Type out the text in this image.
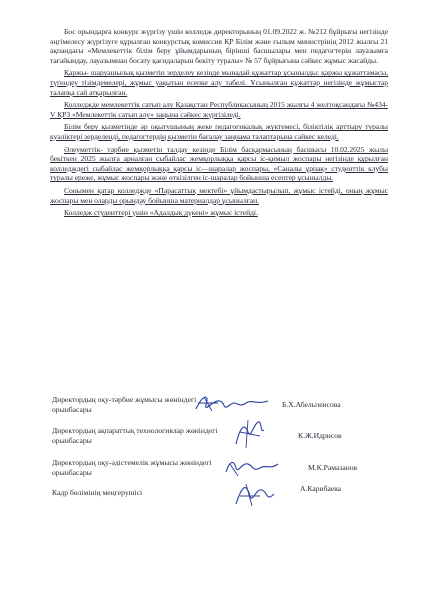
Бос орындарға конкурс жүргізу үшін колледж директорының 01.09.2022 ж. №212 бұйрығы негізінде әңгімелесу жүргізуге құрылған конкурстық комиссия ҚР Білім және ғылым министрінің 2012 жылғы 21 ақпандағы «Мемлекеттік білім беру ұйымдарының бірінші басшылары мен педагогтерін лауазымға тағайындау, лауазымнан босату қағидаларын бекіту туралы» № 57 бұйрығына сәйкес жұмыс жасайды.

Қаржы- шаруашылық қызметін зерделеу кезінде мынадай құжаттар ұсынылды: қаржы құжаттамасы, түгендеу тізімдемелері, жұмыс уақытын есепке алу табелі. Ұсынылған құжаттар негізінде жұмыстар талапқа сай атқарылған.

Колледжде мемлекеттік сатып алу Қазақстан Республикасының 2015 жылғы 4 желтоқсандағы №434- V ҚРЗ «Мемлекеттік сатып алу» заңына сәйкес жүргізіледі.

Білім беру қызметінде әр оқытушының жеке педагогикалық жүктемесі, біліктілік арттыру туралы куәліктері зерделенді, педагогтердің қызметін бағалау заңнама талаптарына сәйкес келеді.

Әлеуметтік- тәрбие қызметін талдау кезінде Білім басқармасының басшысы 10.02.2025 жылы бекіткен 2025 жылға арналған сыбайлас жемқорлыққа қарсы іс-қимыл жоспары негізінде құрылған колледждегі сыбайлас жемқорлыққа қарсы іс—шаралар жоспары, «Саналы ұрпақ» студенттік клубы туралы ереже, жұмыс жоспары және өткізілген іс-шаралар бойынша есептер ұсынылды.

Сонымен қатар колледжде «Парасаттық мектебі» ұйымдастырылып, жұмыс істейді, оның жұмыс жоспары мен оларды орындау бойынша материалдар ұсынылған.

Колледж студенттері үшін «Адалдық дүкені» жұмыс істейді.

Директордың оқу-тәрбие жұмысы жөніндегі орынбасары
Б.Х.Абельпеисова
Директордың ақпараттық технологиялар жөніндегі орынбасары
К.Ж.Идрисов
Директордың оқу-әдістемелік жұмысы жөніндегі орынбасары
М.К.Рамазанов
Кадр бөлімінің меңгерушісі	А.Карибаева
